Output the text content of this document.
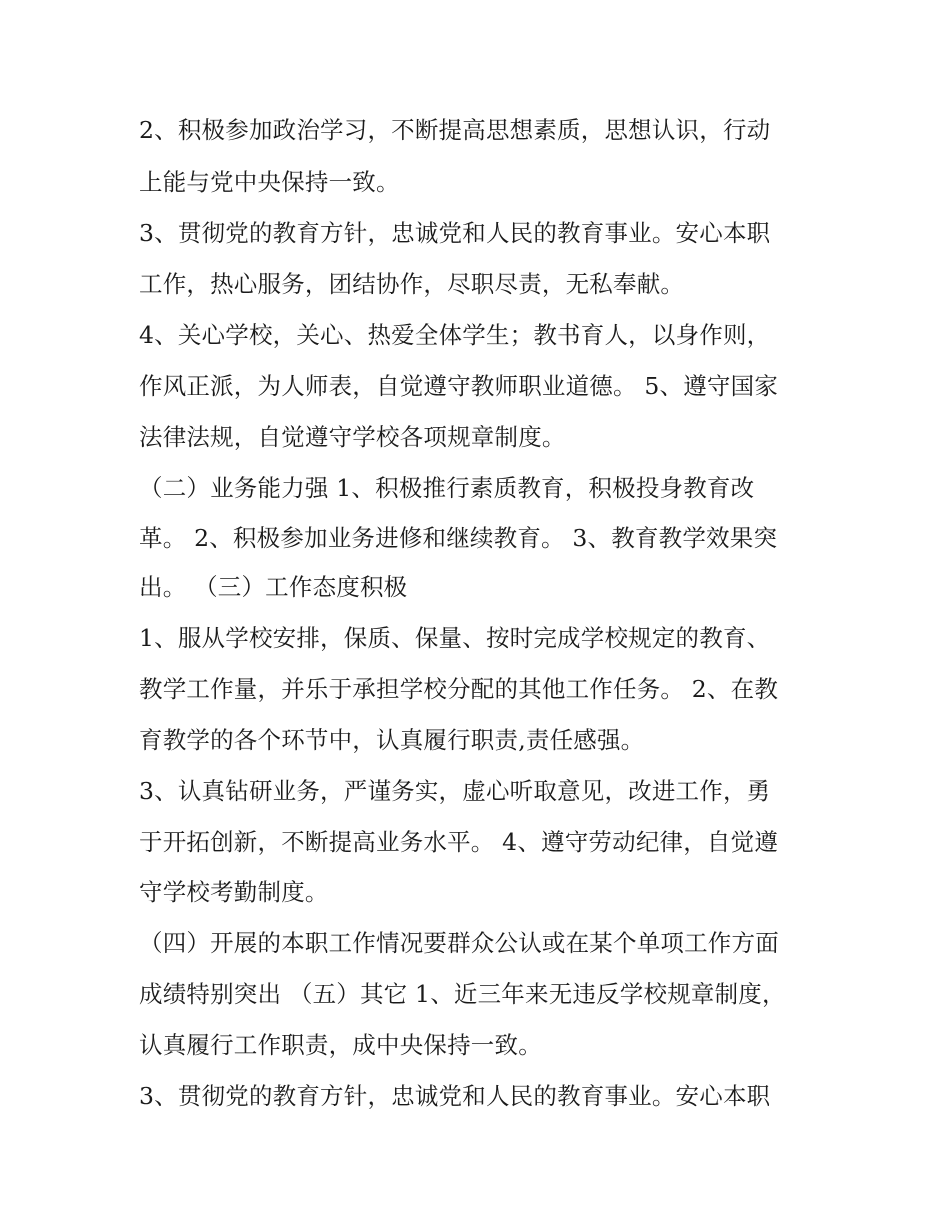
2、积极参加政治学习，不断提高思想素质，思想认识，行动
上能与党中央保持一致。
3、贯彻党的教育方针，忠诚党和人民的教育事业。安心本职
工作，热心服务，团结协作，尽职尽责，无私奉献。
4、关心学校，关心、热爱全体学生；教书育人，以身作则，
作风正派，为人师表，自觉遵守教师职业道德。 5、遵守国家
法律法规，自觉遵守学校各项规章制度。
（二）业务能力强 1、积极推行素质教育，积极投身教育改
革。 2、积极参加业务进修和继续教育。 3、教育教学效果突
出。 （三）工作态度积极
1、服从学校安排，保质、保量、按时完成学校规定的教育、
教学工作量，并乐于承担学校分配的其他工作任务。 2、在教
育教学的各个环节中，认真履行职责,责任感强。
3、认真钻研业务，严谨务实，虚心听取意见，改进工作，勇
于开拓创新，不断提高业务水平。 4、遵守劳动纪律，自觉遵
守学校考勤制度。
（四）开展的本职工作情况要群众公认或在某个单项工作方面
成绩特别突出 （五）其它 1、近三年来无违反学校规章制度，
认真履行工作职责，成中央保持一致。
3、贯彻党的教育方针，忠诚党和人民的教育事业。安心本职
